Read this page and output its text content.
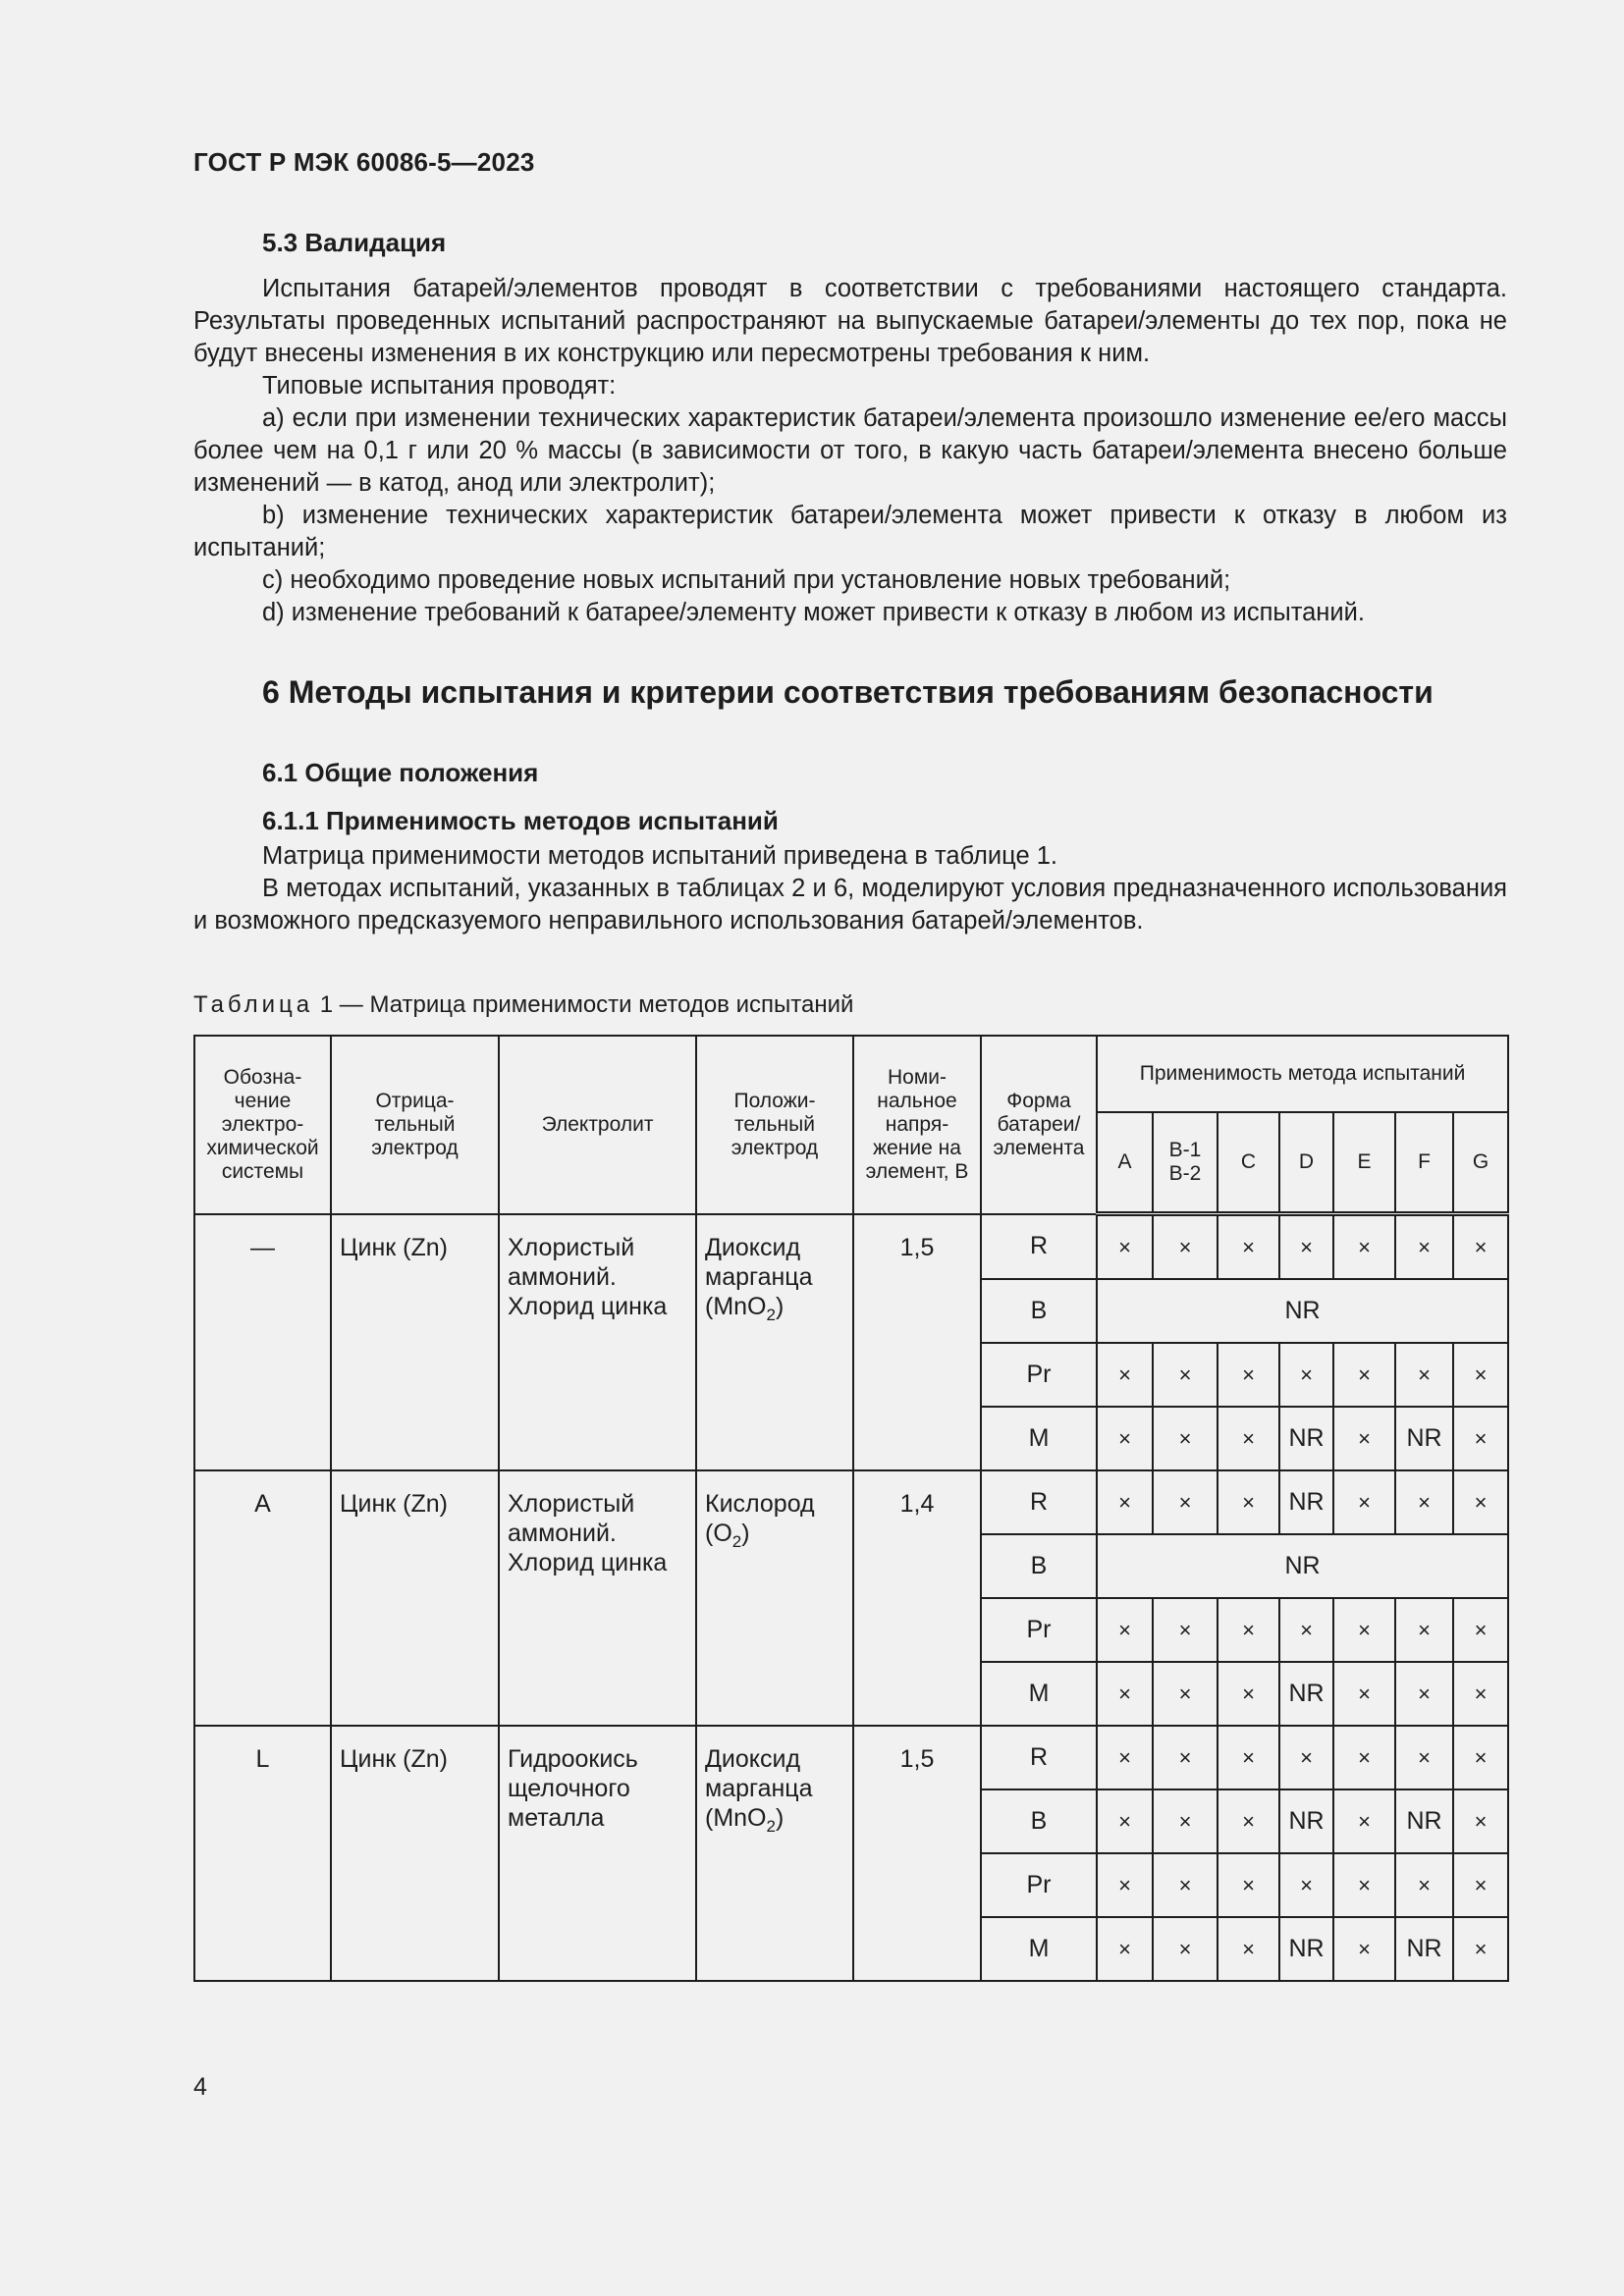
ГОСТ Р МЭК 60086-5—2023
5.3 Валидация

Испытания батарей/элементов проводят в соответствии с требованиями настоящего стандарта. Результаты проведенных испытаний распространяют на выпускаемые батареи/элементы до тех пор, пока не будут внесены изменения в их конструкцию или пересмотрены требования к ним.

Типовые испытания проводят:

а) если при изменении технических характеристик батареи/элемента произошло изменение ее/его массы более чем на 0,1 г или 20 % массы (в зависимости от того, в какую часть батареи/элемента внесено больше изменений — в катод, анод или электролит);

b) изменение технических характеристик батареи/элемента может привести к отказу в любом из испытаний;

c) необходимо проведение новых испытаний при установление новых требований;

d) изменение требований к батарее/элементу может привести к отказу в любом из испытаний.

6 Методы испытания и критерии соответствия требованиям безопасности
6.1 Общие положения
6.1.1 Применимость методов испытаний

Матрица применимости методов испытаний приведена в таблице 1.

В методах испытаний, указанных в таблицах 2 и 6, моделируют условия предназначенного использования и возможного предсказуемого неправильного использования батарей/элементов.

Таблица 1 — Матрица применимости методов испытаний
Обозна-
чение
электро-
химической
системы	Отрица-
тельный
электрод	Электролит	Положи-
тельный
электрод	Номи-
нальное
напря-
жение на
элемент, В	Форма
батареи/
элемента	Применимость метода испытаний						
						A	B-1
B-2	C	D	E	F	G
—	Цинк (Zn)	Хлористый аммоний. Хлорид цинка	Диоксид марганца (MnO$_2$)	1,5	R	×	×	×	×	×	×	×
					B	NR						
					Pr	×	×	×	×	×	×	×
					M	×	×	×	NR	×	NR	×
A	Цинк (Zn)	Хлористый аммоний. Хлорид цинка	Кислород $(O_2)$	1,4	R	×	×	×	NR	×	×	×
					B	NR						
					Pr	×	×	×	×	×	×	×
					M	×	×	×	NR	×	×	×
L	Цинк (Zn)	Гидроокись щелочного металла	Диоксид марганца (MnO$_2$)	1,5	R	×	×	×	×	×	×	×
					B	×	×	×	NR	×	NR	×
					Pr	×	×	×	×	×	×	×
					M	×	×	×	NR	×	NR	×
4
